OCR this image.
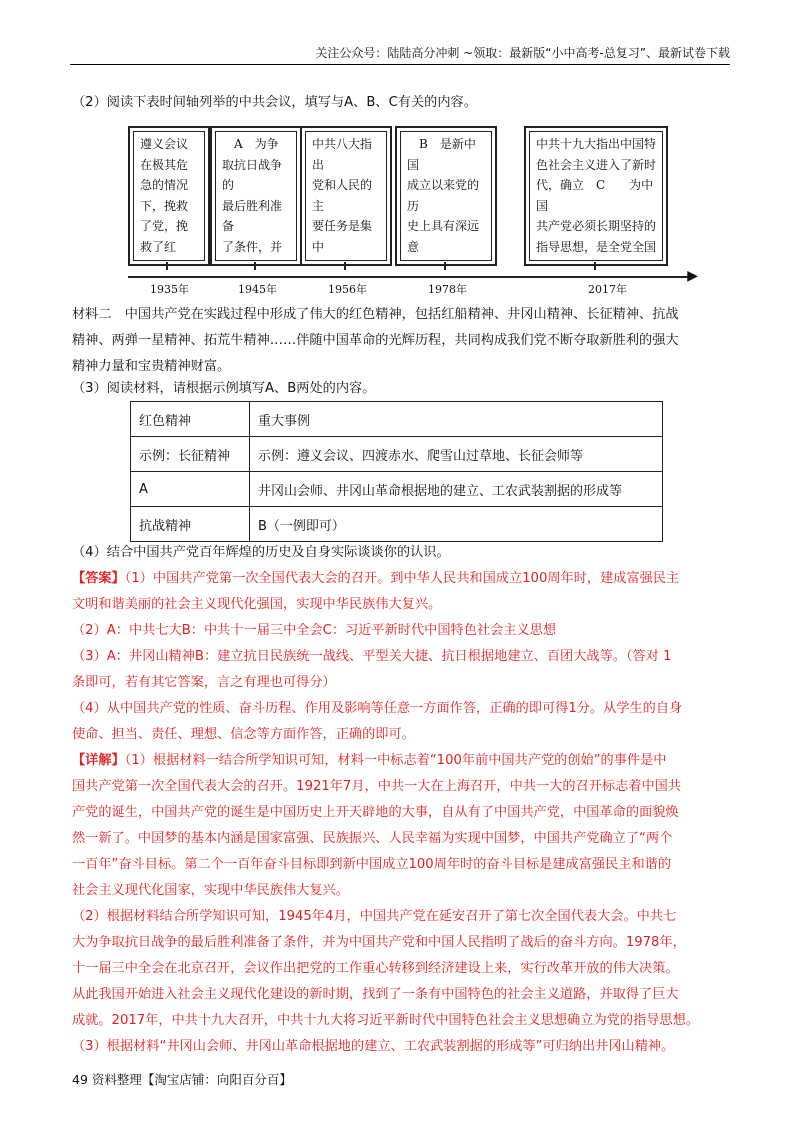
关注公众号：陆陆高分冲刺 ~领取：最新版“小中高考-总复习”、最新试卷下载
（2）阅读下表时间轴列举的中共会议，填写与A、B、C有关的内容。
遵义会议
在极其危
急的情况
下，挽救
了党，挽
救了红

　A　为争
取抗日战争的
最后胜利准备
了条件，并

中共八大指出
党和人民的主
要任务是集中

　B　是新中国
成立以来党的历
史上具有深远意

中共十九大指出中国特
色社会主义进入了新时
代，确立　C　　为中国
共产党必须长期坚持的
指导思想，是全党全国

▶
1935年	1945年	1956年	1978年	2017年
材料二　中国共产党在实践过程中形成了伟大的红色精神，包括红船精神、井冈山精神、长征精神、抗战
精神、两弹一星精神、拓荒牛精神……伴随中国革命的光辉历程，共同构成我们党不断夺取新胜利的强大
精神力量和宝贵精神财富。
（3）阅读材料，请根据示例填写A、B两处的内容。
红色精神	重大事例
示例：长征精神	示例：遵义会议、四渡赤水、爬雪山过草地、长征会师等
A	井冈山会师、井冈山革命根据地的建立、工农武装割据的形成等
抗战精神	B（一例即可）
（4）结合中国共产党百年辉煌的历史及自身实际谈谈你的认识。
【答案】（1）中国共产党第一次全国代表大会的召开。到中华人民共和国成立100周年时，建成富强民主
文明和谐美丽的社会主义现代化强国，实现中华民族伟大复兴。
（2）A：中共七大B：中共十一届三中全会C：习近平新时代中国特色社会主义思想
（3）A：井冈山精神B：建立抗日民族统一战线、平型关大捷、抗日根据地建立、百团大战等。（答对 1
条即可，若有其它答案，言之有理也可得分）
（4）从中国共产党的性质、奋斗历程、作用及影响等任意一方面作答，正确的即可得1分。从学生的自身
使命、担当、责任、理想、信念等方面作答，正确的即可。
【详解】（1）根据材料一结合所学知识可知，材料一中标志着“100年前中国共产党的创始”的事件是中
国共产党第一次全国代表大会的召开。1921年7月，中共一大在上海召开，中共一大的召开标志着中国共
产党的诞生，中国共产党的诞生是中国历史上开天辟地的大事，自从有了中国共产党，中国革命的面貌焕
然一新了。中国梦的基本内涵是国家富强、民族振兴、人民幸福为实现中国梦，中国共产党确立了“两个
一百年”奋斗目标。第二个一百年奋斗目标即到新中国成立100周年时的奋斗目标是建成富强民主和谐的
社会主义现代化国家，实现中华民族伟大复兴。
（2）根据材料结合所学知识可知，1945年4月，中国共产党在延安召开了第七次全国代表大会。中共七
大为争取抗日战争的最后胜利准备了条件，并为中国共产党和中国人民指明了战后的奋斗方向。1978年，
十一届三中全会在北京召开，会议作出把党的工作重心转移到经济建设上来，实行改革开放的伟大决策。
从此我国开始进入社会主义现代化建设的新时期，找到了一条有中国特色的社会主义道路，并取得了巨大
成就。2017年，中共十九大召开，中共十九大将习近平新时代中国特色社会主义思想确立为党的指导思想。
（3）根据材料“井冈山会师、井冈山革命根据地的建立、工农武装割据的形成等”可归纳出井冈山精神。
49 资料整理【淘宝店铺：向阳百分百】
